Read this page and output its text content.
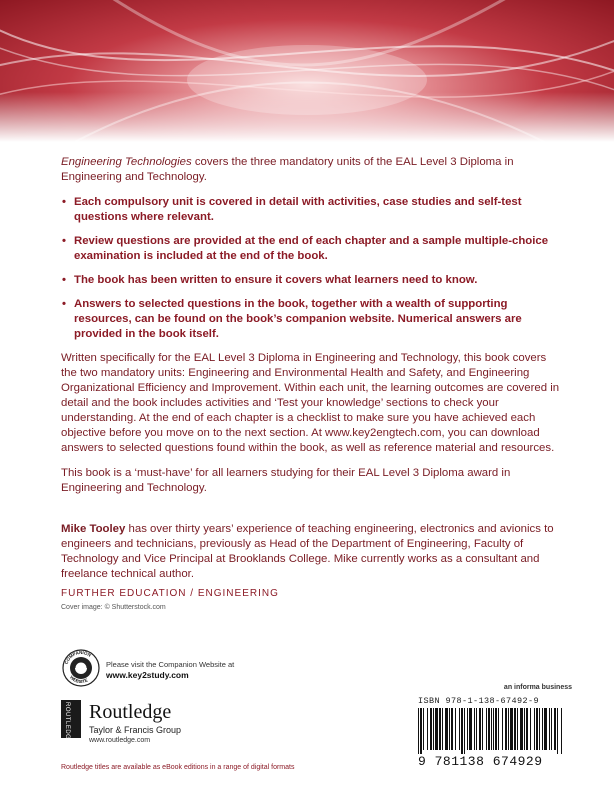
Engineering Technologies covers the three mandatory units of the EAL Level 3 Diploma in Engineering and Technology.

• Each compulsory unit is covered in detail with activities, case studies and self-test questions where relevant.
• Review questions are provided at the end of each chapter and a sample multiple-choice examination is included at the end of the book.
• The book has been written to ensure it covers what learners need to know.
• Answers to selected questions in the book, together with a wealth of supporting resources, can be found on the book’s companion website. Numerical answers are provided in the book itself.

Written specifically for the EAL Level 3 Diploma in Engineering and Technology, this book covers the two mandatory units: Engineering and Environmental Health and Safety, and Engineering Organizational Efficiency and Improvement. Within each unit, the learning outcomes are covered in detail and the book includes activities and ‘Test your knowledge’ sections to check your understanding. At the end of each chapter is a checklist to make sure you have achieved each objective before you move on to the next section. At www.key2engtech.com, you can download answers to selected questions found within the book, as well as reference material and resources.

This book is a ‘must-have’ for all learners studying for their EAL Level 3 Diploma award in Engineering and Technology.

Mike Tooley has over thirty years’ experience of teaching engineering, electronics and avionics to engineers and technicians, previously as Head of the Department of Engineering, Faculty of Technology and Vice Principal at Brooklands College. Mike currently works as a consultant and freelance technical author.

FURTHER EDUCATION / ENGINEERING
Cover image: © Shutterstock.com
COMPANION
WEBSITE
Please visit the Companion Website at
www.key2study.com
ROUTLEDGE Routledge
Taylor & Francis Group
www.routledge.com
Routledge titles are available as eBook editions in a range of digital formats
an informa business
ISBN 978-1-138-67492-9
9 781138 674929
